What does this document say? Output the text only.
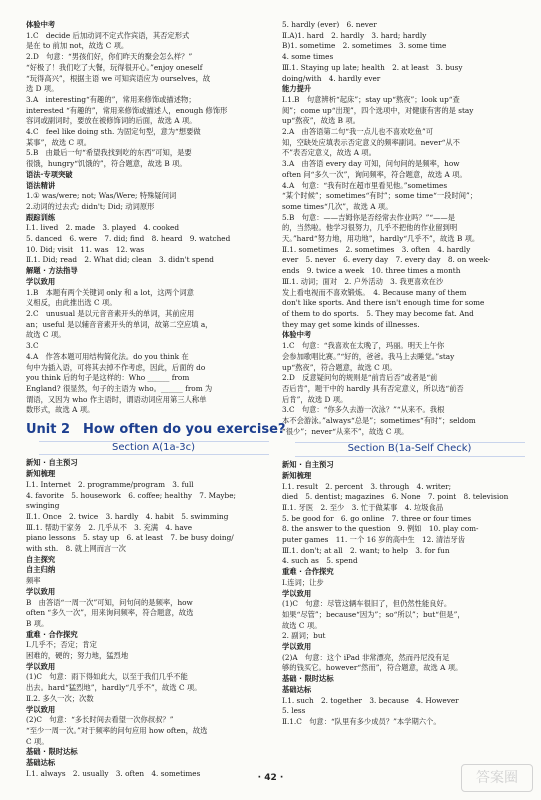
体验中考
1.C　decide 后加动词不定式作宾语，其否定形式
是在 to 前加 not，故选 C 项。
2.D　句意：“男孩们好，你们昨天的聚会怎么样？”
“好极了！我们吃了大餐，玩得很开心。”enjoy oneself
“玩得高兴”，根据主语 we 可知宾语应为 ourselves，故
选 D 项。
3.A　interesting“有趣的”，常用来修饰或描述物；
interested “有趣的”，常用来修饰或描述人，enough 修饰形
容词或副词时，要放在被修饰词的后面，故选 A 项。
4.C　feel like doing sth. 为固定句型，意为“想要做
某事”，故选 C 项。
5.B　由最后一句“希望我找到吃的东西”可知，是要
很饿，hungry“饥饿的”，符合题意，故选 B 项。
语法·专项突破
语法精讲
1.① was/were; not; Was/Were; 特殊疑问词
2.动词的过去式; didn't; Did; 动词原形
跟踪训练
Ⅰ.1. lived　2. made　3. played　4. cooked
5. danced　6. were　7. did; find　8. heard　9. watched
10. Did; visit　11. was　12. was
Ⅱ.1. Did; read　2. What did; clean　3. didn't spend
解题 · 方法指导
学以致用
1.B　本题有两个关键词 only 和 a lot，这两个词意
义相反，由此推出选 C 项。
2.C　unusual 是以元音音素开头的单词，其前应用
an；useful 是以辅音音素开头的单词，故第二空应填 a，
故选 C 项。
3.C
4.A　作答本题可用结构简化法。do you think 在
句中为插入语，可将其去掉不作考虑，因此，后面的 do
you think 后的句子是这样的：Who ______ from
England? 很显然，句子的主语为 who。______ from 为
谓语，又因为 who 作主语时，谓语动词应用第三人称单
数形式，故选 A 项。
Unit 2　How often do you exercise?
Section A(1a-3c)
新知 · 自主预习
新知梳理
Ⅰ.1. Internet　2. programme/program　3. full
4. favorite　5. housework　6. coffee; healthy　7. Maybe;
swinging
Ⅱ.1. Once　2. twice　3. hardly　4. habit　5. swimming
Ⅲ.1. 帮助干家务　2. 几乎从不　3. 充满　4. have
piano lessons　5. stay up　6. at least　7. be busy doing/
with sth.　8. 就上网而言一次
自主探究
自主归纳
频率
学以致用
B　由答语“一周一次”可知，问句问的是频率，how
often “多久一次”，用来询问频率，符合题意，故选
B 项。
重难 · 合作探究
Ⅰ.几乎不；否定；肯定
困难的，硬的；努力地，猛烈地
学以致用
(1)C　句意：雨下得如此大，以至于我们几乎不能
出去。hard“猛烈地”，hardly“几乎不”，故选 C 项。
Ⅱ.2. 多久一次；次数
学以致用
(2)C　句意：“多长时间去看望一次你叔叔？”
“至少一周一次。”对于频率的问句应用 how often，故选
C 项。
基础 · 限时达标
基础达标
Ⅰ.1. always　2. usually　3. often　4. sometimes
5. hardly (ever)　6. never
Ⅱ.A)1. hard　2. hardly　3. hard; hardly
B)1. sometime　2. sometimes　3. some time
4. some times
Ⅲ.1. Staying up late; health　2. at least　3. busy
doing/with　4. hardly ever
能力提升
Ⅰ.1.B　句意辨析“起床”；stay up“熬夜”；look up“查
阅”；come up“出现”，四个选项中，对健康有害的是 stay
up“熬夜”，故选 B 项。
2.A　由答语第二句“我一点儿也不喜欢吃鱼”可
知，空缺处应填表示否定意义的频率副词。never“从不
不”表否定意义，故选 A 项。
3.A　由答语 every day 可知，问句问的是频率，how
often 问“多久一次”，询问频率，符合题意，故选 A 项。
4.A　句意：“我有时在超市里看见他。”sometimes
“某个时候”；sometimes“有时”；some time“一段时间”；
some times“几次”，故选 A 项。
5.B　句意：——吉姆你是否经常去作业吗？”“——是
的，当然啦。他学习很努力，几乎不把他的作业留到明
天。”hard“努力地，用功地”，hardly“几乎不”，故选 B 项。
Ⅱ.1. sometimes　2. sometimes　3. often　4. hardly
ever　5. never　6. every day　7. every day　8. on week-
ends　9. twice a week　10. three times a month
Ⅲ.1. 动词；面对　2. 户外活动　3. 我更喜欢在沙
发上看电视而不喜欢锻炼。　4. Because many of them
don't like sports. And there isn't enough time for some
of them to do sports.　5. They may become fat. And
they may get some kinds of illnesses.
体验中考
1.C　句意：“我喜欢在太晚了，玛丽。明天上午你
会参加歌唱比赛。”“好的，爸爸。我马上去睡觉。”stay
up“熬夜”，符合题意，故选 C 项。
2.D　反意疑问句的规则是“前肯后否”或者是“前
否后肯”，题干中的 hardly 具有否定意义，所以选“前否
后肯”，故选 D 项。
3.C　句意：“你多久去游一次泳？”“从来不。我根
本不会游泳。”always“总是”；sometimes“有时”；seldom
“很少”；never“从来不”，故选 C 项。
Section B(1a-Self Check)
新知 · 自主预习
新知梳理
Ⅰ.1. result　2. percent　3. through　4. writer;
died　5. dentist; magazines　6. None　7. point　8. television
Ⅱ.1. 牙医　2. 至少　3. 忙于做某事　4. 垃圾食品
5. be good for　6. go online　7. three or four times
8. the answer to the question　9. 例如　10. play com-
puter games　11. 一个 16 岁的高中生　12. 清洁牙齿
Ⅲ.1. don't; at all　2. want; to help　3. for fun
4. such as　5. spend
重难 · 合作探究
Ⅰ.连词；让步
学以致用
(1)C　句意：尽管这辆车很旧了，但仍然性能良好。
如果“尽管”；because“因为”；so“所以”；but“但是”，
故选 C 项。
2. 副词；but
学以致用
(2)A　句意：这个 iPad 非常漂亮，然而丹尼没有足
够的钱买它。however“然而”，符合题意，故选 A 项。
基础 · 限时达标
基础达标
Ⅰ.1. such　2. together　3. because　4. However
5. less
Ⅱ.1.C　句意：“队里有多少成员？”本学期六个。
· 42 ·	答案圈
